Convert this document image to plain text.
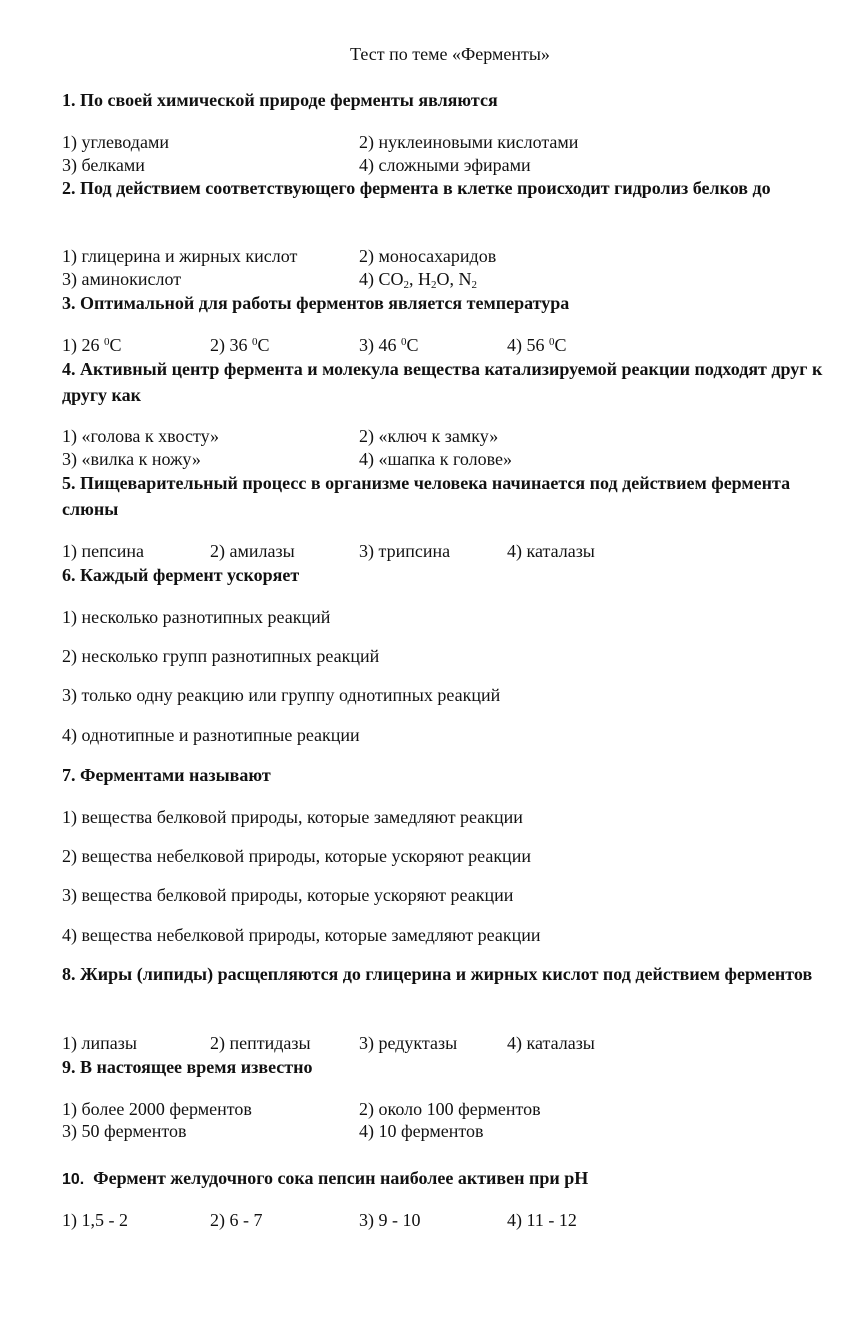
Тест по теме «Ферменты»
1. По своей химической природе ферменты являются
1) углеводами	2) нуклеиновыми кислотами
3) белками	4) сложными эфирами
2. Под действием соответствующего фермента в клетке происходит гидролиз белков до
1) глицерина и жирных кислот	2) моносахаридов
3) аминокислот	4) $CO_2$, $H_2O$, $N_2$
3. Оптимальной для работы ферментов является температура
1) 26 $^0$C	2) 36 $^0$C	3) 46 $^0$C	4) 56 $^0$C
4. Активный центр фермента и молекула вещества катализируемой реакции подходят друг к другу как
1) «голова к хвосту»	2) «ключ к замку»
3) «вилка к ножу»	4) «шапка к голове»
5. Пищеварительный процесс в организме человека начинается под действием фермента слюны
1) пепсина	2) амилазы	3) трипсина	4) каталазы
6. Каждый фермент ускоряет
1) несколько разнотипных реакций
2) несколько групп разнотипных реакций
3) только одну реакцию или группу однотипных реакций
4) однотипные и разнотипные реакции
7. Ферментами называют
1) вещества белковой природы, которые замедляют реакции
2) вещества небелковой природы, которые ускоряют реакции
3) вещества белковой природы, которые ускоряют реакции
4) вещества небелковой природы, которые замедляют реакции
8. Жиры (липиды) расщепляются до глицерина и жирных кислот под действием ферментов
1) липазы	2) пептидазы	3) редуктазы	4) каталазы
9. В настоящее время известно
1) более 2000 ферментов	2) около 100 ферментов
3) 50 ферментов	4) 10 ферментов
10. Фермент желудочного сока пепсин наиболее активен при pH
1) 1,5 - 2	2) 6 - 7	3) 9 - 10	4) 11 - 12
